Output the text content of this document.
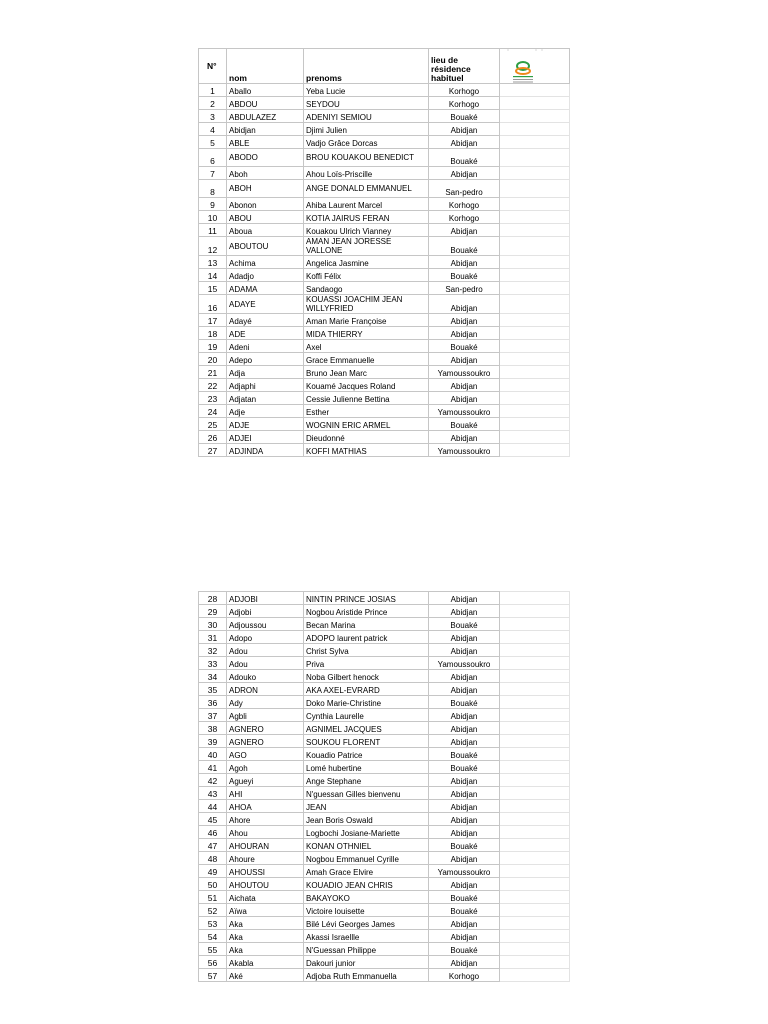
N°	nom	prenoms	lieu de résidence habituel	

1	Aballo	Yeba Lucie	Korhogo	
2	ABDOU	SEYDOU	Korhogo	
3	ABDULAZEZ	ADENIYI SEMIOU	Bouaké	
4	Abidjan	Djimi Julien	Abidjan	
5	ABLE	Vadjo Grâce Dorcas	Abidjan	
6	ABODO	BROU KOUAKOU BENEDICT	Bouaké	
7	Aboh	Ahou Loïs-Priscille	Abidjan	
8	ABOH	ANGE DONALD EMMANUEL	San-pedro	
9	Abonon	Ahiba Laurent Marcel	Korhogo	
10	ABOU	KOTIA JAIRUS FERAN	Korhogo	
11	Aboua	Kouakou Ulrich Vianney	Abidjan	
12	ABOUTOU	AMAN JEAN JORESSE VALLONE	Bouaké	
13	Achima	Angelica Jasmine	Abidjan	
14	Adadjo	Koffi Félix	Bouaké	
15	ADAMA	Sandaogo	San-pedro	
16	ADAYE	KOUASSI JOACHIM JEAN WILLYFRIED	Abidjan	
17	Adayé	Aman Marie Françoise	Abidjan	
18	ADE	MIDA THIERRY	Abidjan	
19	Adeni	Axel	Bouaké	
20	Adepo	Grace Emmanuelle	Abidjan	
21	Adja	Bruno Jean Marc	Yamoussoukro	
22	Adjaphi	Kouamé Jacques Roland	Abidjan	
23	Adjatan	Cessie Julienne Bettina	Abidjan	
24	Adje	Esther	Yamoussoukro	
25	ADJE	WOGNIN ERIC ARMEL	Bouaké	
26	ADJEI	Dieudonné	Abidjan	
27	ADJINDA	KOFFI MATHIAS	Yamoussoukro	
28	ADJOBI	NINTIN PRINCE JOSIAS	Abidjan	
29	Adjobi	Nogbou Aristide Prince	Abidjan	
30	Adjoussou	Becan Marina	Bouaké	
31	Adopo	ADOPO laurent patrick	Abidjan	
32	Adou	Christ Sylva	Abidjan	
33	Adou	Priva	Yamoussoukro	
34	Adouko	Noba Gilbert henock	Abidjan	
35	ADRON	AKA AXEL-EVRARD	Abidjan	
36	Ady	Doko Marie-Christine	Bouaké	
37	Agbli	Cynthia Laurelle	Abidjan	
38	AGNERO	AGNIMEL JACQUES	Abidjan	
39	AGNERO	SOUKOU FLORENT	Abidjan	
40	AGO	Kouadio Patrice	Bouaké	
41	Agoh	Lomé hubertine	Bouaké	
42	Agueyi	Ange Stephane	Abidjan	
43	AHI	N'guessan Gilles bienvenu	Abidjan	
44	AHOA	JEAN	Abidjan	
45	Ahore	Jean Boris Oswald	Abidjan	
46	Ahou	Logbochi Josiane-Mariette	Abidjan	
47	AHOURAN	KONAN OTHNIEL	Bouaké	
48	Ahoure	Nogbou Emmanuel Cyrille	Abidjan	
49	AHOUSSI	Amah Grace Elvire	Yamoussoukro	
50	AHOUTOU	KOUADIO JEAN CHRIS	Abidjan	
51	Aichata	BAKAYOKO	Bouaké	
52	Aïwa	Victoire louisette	Bouaké	
53	Aka	Bilé Lévi Georges James	Abidjan	
54	Aka	Akassi Israellle	Abidjan	
55	Aka	N'Guessan Philippe	Bouaké	
56	Akabla	Dakouri junior	Abidjan	
57	Aké	Adjoba Ruth Emmanuella	Korhogo	
